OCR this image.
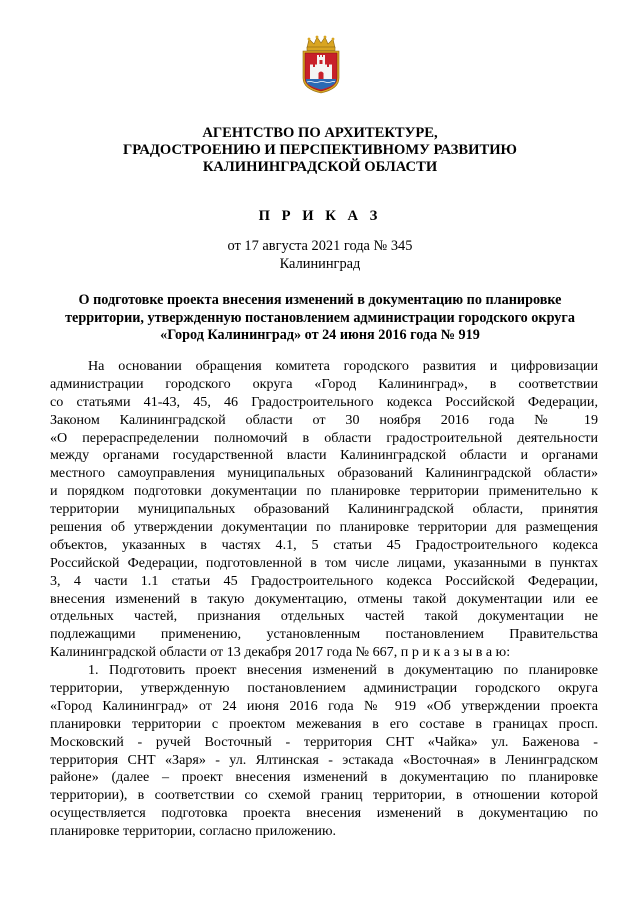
АГЕНТСТВО ПО АРХИТЕКТУРЕ,
ГРАДОСТРОЕНИЮ И ПЕРСПЕКТИВНОМУ РАЗВИТИЮ
КАЛИНИНГРАДСКОЙ ОБЛАСТИ
П Р И К А З
от 17 августа 2021 года № 345
Калининград
О подготовке проекта внесения изменений в документацию по планировке
территории, утвержденную постановлением администрации городского округа
«Город Калининград» от 24 июня 2016 года № 919
На основании обращения комитета городского развития и цифровизации
администрации городского округа «Город Калининград», в соответствии
со статьями 41-43, 45, 46 Градостроительного кодекса Российской Федерации,
Законом Калининградской области от 30 ноября 2016 года № 19
«О перераспределении полномочий в области градостроительной деятельности
между органами государственной власти Калининградской области и органами
местного самоуправления муниципальных образований Калининградской области»
и порядком подготовки документации по планировке территории применительно к
территории муниципальных образований Калининградской области, принятия
решения об утверждении документации по планировке территории для размещения
объектов, указанных в частях 4.1, 5 статьи 45 Градостроительного кодекса
Российской Федерации, подготовленной в том числе лицами, указанными в пунктах
3, 4 части 1.1 статьи 45 Градостроительного кодекса Российской Федерации,
внесения изменений в такую документацию, отмены такой документации или ее
отдельных частей, признания отдельных частей такой документации не
подлежащими применению, установленным постановлением Правительства
Калининградской области от 13 декабря 2017 года № 667, п р и к а з ы в а ю:
1. Подготовить проект внесения изменений в документацию по планировке
территории, утвержденную постановлением администрации городского округа
«Город Калининград» от 24 июня 2016 года № 919 «Об утверждении проекта
планировки территории с проектом межевания в его составе в границах просп.
Московский - ручей Восточный - территория СНТ «Чайка» ул. Баженова -
территория СНТ «Заря» - ул. Ялтинская - эстакада «Восточная» в Ленинградском
районе» (далее – проект внесения изменений в документацию по планировке
территории), в соответствии со схемой границ территории, в отношении которой
осуществляется подготовка проекта внесения изменений в документацию по
планировке территории, согласно приложению.
